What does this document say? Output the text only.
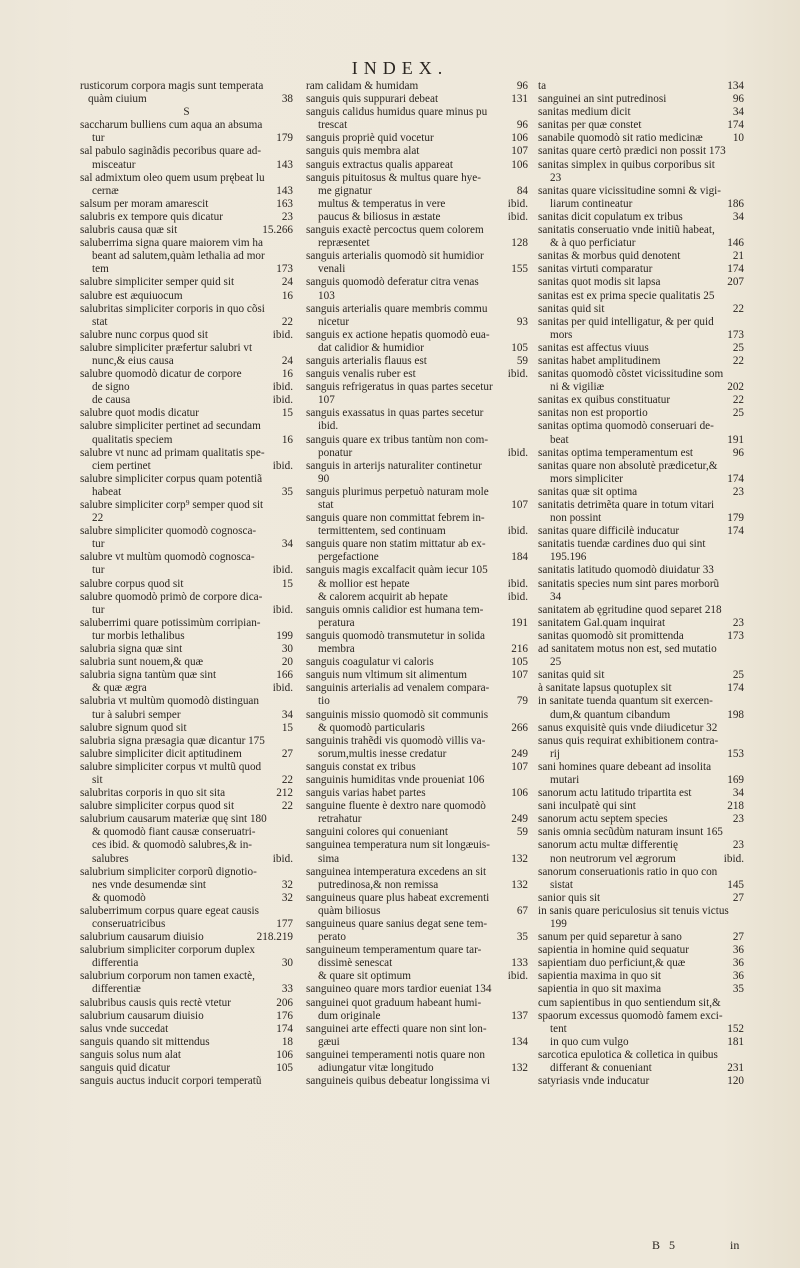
INDEX.
rusticorum corpora magis sunt temperata
quàm ciuium	38
S
saccharum bulliens cum aqua an absuma
tur	179
sal pabulo saginãdis pecoribus quare ad-
misceatur	143
sal admixtum oleo quem usum prębeat lu
cernæ	143
salsum per moram amarescit	163
salubris ex tempore quis dicatur	23
salubris causa quæ sit	15.266
saluberrima signa quare maiorem vim ha
beant ad salutem,quàm lethalia ad mor
tem	173
salubre simpliciter semper quid sit	24
salubre est æquiuocum	16
salubritas simpliciter corporis in quo cõsi
stat	22
salubre nunc corpus quod sit	ibid.
salubre simpliciter præfertur salubri vt
nunc,& eius causa	24
salubre quomodò dicatur de corpore	16
de signo	ibid.
de causa	ibid.
salubre quot modis dicatur	15
salubre simpliciter pertinet ad secundam
qualitatis speciem	16
salubre vt nunc ad primam qualitatis spe-
ciem pertinet	ibid.
salubre simpliciter corpus quam potentiã
habeat	35
salubre simpliciter corp⁹ semper quod sit
22
salubre simpliciter quomodò cognosca-
tur	34
salubre vt multùm quomodò cognosca-
tur	ibid.
salubre corpus quod sit	15
salubre quomodò primò de corpore dica-
tur	ibid.
saluberrimi quare potissimùm corripian-
tur morbis lethalibus	199
salubria signa quæ sint	30
salubria sunt nouem,& quæ	20
salubria signa tantùm quæ sint	166
& quæ ægra	ibid.
salubria vt multùm quomodò distinguan
tur à salubri semper	34
salubre signum quod sit	15
salubria signa præsagia quæ dicantur 175
salubre simpliciter dicit aptitudinem	27
salubre simpliciter corpus vt multũ quod
sit	22
salubritas corporis in quo sit sita	212
salubre simpliciter corpus quod sit	22
salubrium causarum materiæ quę sint 180
& quomodò fiant causæ conseruatri-
ces ibid. & quomodò salubres,& in-
salubres	ibid.
salubrium simpliciter corporũ dignotio-
nes vnde desumendæ sint	32
& quomodò	32
saluberrimum corpus quare egeat causis
conseruatricibus	177
salubrium causarum diuisio	218.219
salubrium simpliciter corporum duplex
differentia	30
salubrium corporum non tamen exactè,
differentiæ	33
salubribus causis quis rectè vtetur	206
salubrium causarum diuisio	176
salus vnde succedat	174
sanguis quando sit mittendus	18
sanguis solus num alat	106
sanguis quid dicatur	105
sanguis auctus inducit corpori temperatũ
ram calidam & humidam	96
sanguis quis suppurari debeat	131
sanguis calidus humidus quare minus pu
trescat	96
sanguis propriè quid vocetur	106
sanguis quis membra alat	107
sanguis extractus qualis appareat	106
sanguis pituitosus & multus quare hye-
me gignatur	84
multus & temperatus in vere	ibid.
paucus & biliosus in æstate	ibid.
sanguis exactè percoctus quem colorem
repræsentet	128
sanguis arterialis quomodò sit humidior
venali	155
sanguis quomodò deferatur citra venas
103
sanguis arterialis quare membris commu
nicetur	93
sanguis ex actione hepatis quomodò eua-
dat calidior & humidior	105
sanguis arterialis flauus est	59
sanguis venalis ruber est	ibid.
sanguis refrigeratus in quas partes secetur
107
sanguis exassatus in quas partes secetur
ibid.
sanguis quare ex tribus tantùm non com-
ponatur	ibid.
sanguis in arterijs naturaliter continetur
90
sanguis plurimus perpetuò naturam mole
stat	107
sanguis quare non committat febrem in-
termittentem, sed continuam	ibid.
sanguis quare non statim mittatur ab ex-
pergefactione	184
sanguis magis excalfacit quàm iecur 105
& mollior est hepate	ibid.
& calorem acquirit ab hepate	ibid.
sanguis omnis calidior est humana tem-
peratura	191
sanguis quomodò transmutetur in solida
membra	216
sanguis coagulatur vi caloris	105
sanguis num vltimum sit alimentum	107
sanguinis arterialis ad venalem compara-
tio	79
sanguinis missio quomodò sit communis
& quomodò particularis	266
sanguinis trahẽdi vis quomodò villis va-
sorum,multis inesse credatur	249
sanguis constat ex tribus	107
sanguinis humiditas vnde proueniat 106
sanguis varias habet partes	106
sanguine fluente è dextro nare quomodò
retrahatur	249
sanguini colores qui conueniant	59
sanguinea temperatura num sit longæuis-
sima	132
sanguinea intemperatura excedens an sit
putredinosa,& non remissa	132
sanguineus quare plus habeat excrementi
quàm biliosus	67
sanguineus quare sanius degat sene tem-
perato	35
sanguineum temperamentum quare tar-
dissimè senescat	133
& quare sit optimum	ibid.
sanguineo quare mors tardior eueniat 134
sanguinei quot graduum habeant humi-
dum originale	137
sanguinei arte effecti quare non sint lon-
gæui	134
sanguinei temperamenti notis quare non
adiungatur vitæ longitudo	132
sanguineis quibus debeatur longissima vi
ta	134
sanguinei an sint putredinosi	96
sanitas medium dicit	34
sanitas per quæ constet	174
sanabile quomodò sit ratio medicinæ	10
sanitas quare certò prædici non possit 173
sanitas simplex in quibus corporibus sit
23
sanitas quare vicissitudine somni & vigi-
liarum contineatur	186
sanitas dicit copulatum ex tribus	34
sanitatis conseruatio vnde initiũ habeat,
& à quo perficiatur	146
sanitas & morbus quid denotent	21
sanitas virtuti comparatur	174
sanitas quot modis sit lapsa	207
sanitas est ex prima specie qualitatis 25
sanitas quid sit	22
sanitas per quid intelligatur, & per quid
mors	173
sanitas est affectus viuus	25
sanitas habet amplitudinem	22
sanitas quomodò cõstet vicissitudine som
ni & vigiliæ	202
sanitas ex quibus constituatur	22
sanitas non est proportio	25
sanitas optima quomodò conseruari de-
beat	191
sanitas optima temperamentum est	96
sanitas quare non absolutè prædicetur,&
mors simpliciter	174
sanitas quæ sit optima	23
sanitatis detrimẽta quare in totum vitari
non possint	179
sanitas quare difficilè inducatur	174
sanitatis tuendæ cardines duo qui sint
195.196
sanitatis latitudo quomodò diuidatur 33
sanitatis species num sint pares morborũ
34
sanitatem ab ęgritudine quod separet 218
sanitatem Gal.quam inquirat	23
sanitas quomodò sit promittenda	173
ad sanitatem motus non est, sed mutatio
25
sanitas quid sit	25
à sanitate lapsus quotuplex sit	174
in sanitate tuenda quantum sit exercen-
dum,& quantum cibandum	198
sanus exquisitè quis vnde diiudicetur 32
sanus quis requirat exhibitionem contra-
rij	153
sani homines quare debeant ad insolita
mutari	169
sanorum actu latitudo tripartita est	34
sani inculpatè qui sint	218
sanorum actu septem species	23
sanis omnia secũdùm naturam insunt 165
sanorum actu multæ differentię	23
non neutrorum vel ægrorum	ibid.
sanorum conseruationis ratio in quo con
sistat	145
sanior quis sit	27
in sanis quare periculosius sit tenuis victus
199
sanum per quid separetur à sano	27
sapientia in homine quid sequatur	36
sapientiam duo perficiunt,& quæ	36
sapientia maxima in quo sit	36
sapientia in quo sit maxima	35
cum sapientibus in quo sentiendum sit,&
spaorum excessus quomodò famem exci-
tent	152
in quo cum vulgo	181
sarcotica epulotica & colletica in quibus
differant & conueniant	231
satyriasis vnde inducatur	120
B 5	in
